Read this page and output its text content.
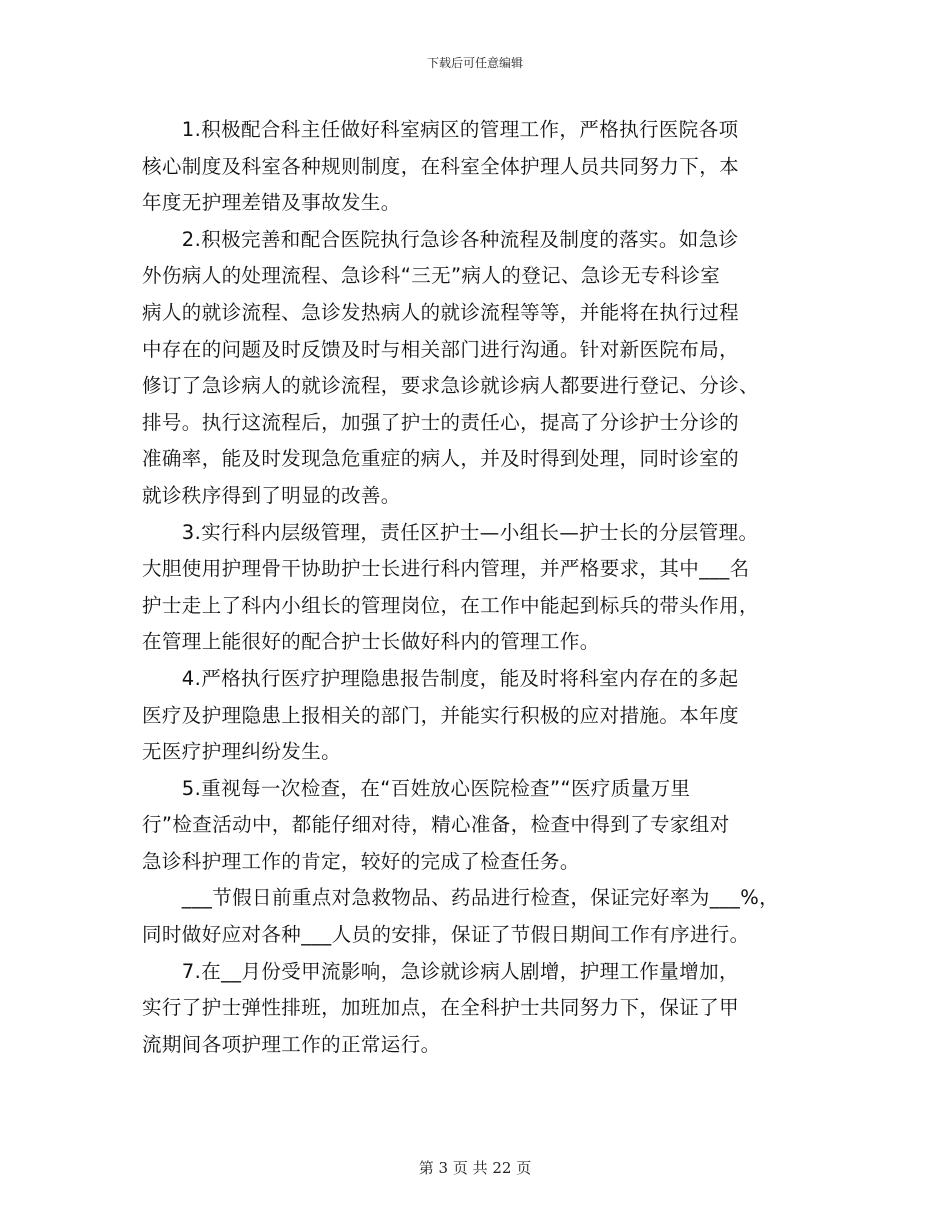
下载后可任意编辑
　　1.积极配合科主任做好科室病区的管理工作，严格执行医院各项
核心制度及科室各种规则制度，在科室全体护理人员共同努力下，本
年度无护理差错及事故发生。
　　2.积极完善和配合医院执行急诊各种流程及制度的落实。如急诊
外伤病人的处理流程、急诊科“三无”病人的登记、急诊无专科诊室
病人的就诊流程、急诊发热病人的就诊流程等等，并能将在执行过程
中存在的问题及时反馈及时与相关部门进行沟通。针对新医院布局，
修订了急诊病人的就诊流程，要求急诊就诊病人都要进行登记、分诊、
排号。执行这流程后，加强了护士的责任心，提高了分诊护士分诊的
准确率，能及时发现急危重症的病人，并及时得到处理，同时诊室的
就诊秩序得到了明显的改善。
　　3.实行科内层级管理，责任区护士—小组长—护士长的分层管理。
大胆使用护理骨干协助护士长进行科内管理，并严格要求，其中___名
护士走上了科内小组长的管理岗位，在工作中能起到标兵的带头作用，
在管理上能很好的配合护士长做好科内的管理工作。
　　4.严格执行医疗护理隐患报告制度，能及时将科室内存在的多起
医疗及护理隐患上报相关的部门，并能实行积极的应对措施。本年度
无医疗护理纠纷发生。
　　5.重视每一次检查，在“百姓放心医院检查”“医疗质量万里
行”检查活动中，都能仔细对待，精心准备，检查中得到了专家组对
急诊科护理工作的肯定，较好的完成了检查任务。
　　___节假日前重点对急救物品、药品进行检查，保证完好率为___%，
同时做好应对各种___人员的安排，保证了节假日期间工作有序进行。
　　7.在__月份受甲流影响，急诊就诊病人剧增，护理工作量增加，
实行了护士弹性排班，加班加点，在全科护士共同努力下，保证了甲
流期间各项护理工作的正常运行。
第 3 页 共 22 页
